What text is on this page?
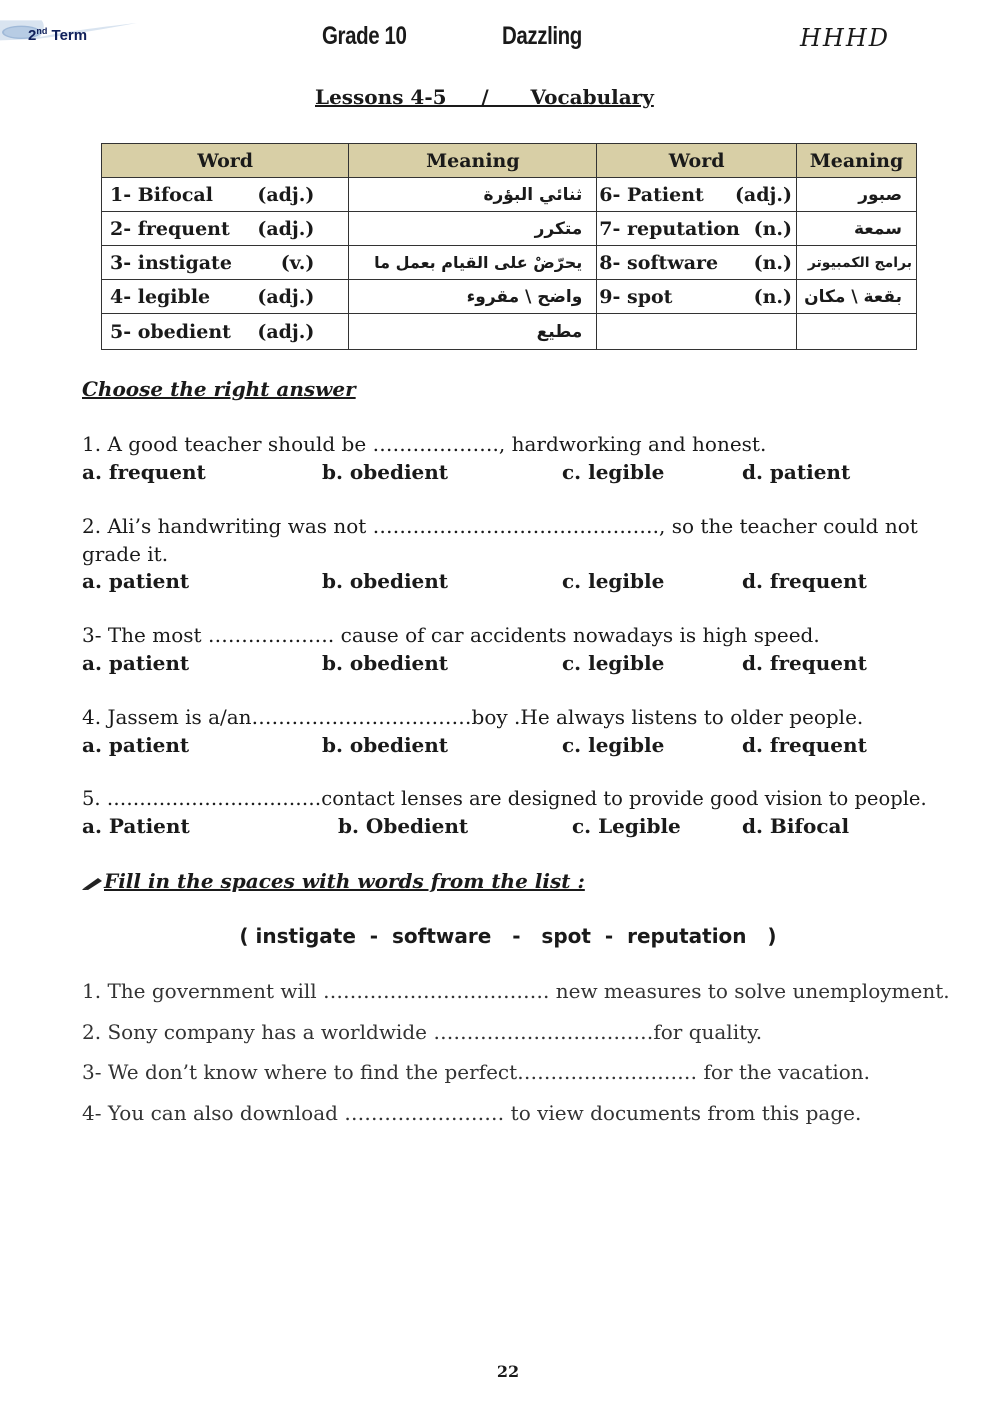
2nd Term	Grade 10	Dazzling	HHHD
Lessons 4-5     /      Vocabulary
Word	Meaning	Word	Meaning
1- Bifocal (adj.)	ثنائي البؤرة	6- Patient (adj.)	صبور
2- frequent (adj.)	متكرر	7- reputation (n.)	سمعة
3- instigate (v.)	يحرّضْ على القيام بعمل ما	8- software (n.)	برامج الكمبيوتر
4- legible (adj.)	واضح \ مقروء	9- spot (n.)	بقعة \ مكان
5- obedient (adj.)	مطيع	

Choose the right answer
1. A good teacher should be ………………., hardworking and honest.
a. frequent	b. obedient	c. legible	d. patient
2. Ali’s handwriting was not ……………………………………., so the teacher could not
grade it.
a. patient	b. obedient	c. legible	d. frequent
3- The most ………………. cause of car accidents nowadays is high speed.
a. patient	b. obedient	c. legible	d. frequent
4. Jassem is a/an……………………………boy .He always listens to older people.
a. patient	b. obedient	c. legible	d. frequent
5. ……………………………contact lenses are designed to provide good vision to people.
a. Patient	b. Obedient	c. Legible	d. Bifocal
Fill in the spaces with words from the list :
( instigate  -  software   -   spot  -  reputation   )
1. The government will ……………………………. new measures to solve unemployment.
2. Sony company has a worldwide ……………………………for quality.
3- We don’t know where to find the perfect……………………… for the vacation.
4- You can also download …………………… to view documents from this page.
22
